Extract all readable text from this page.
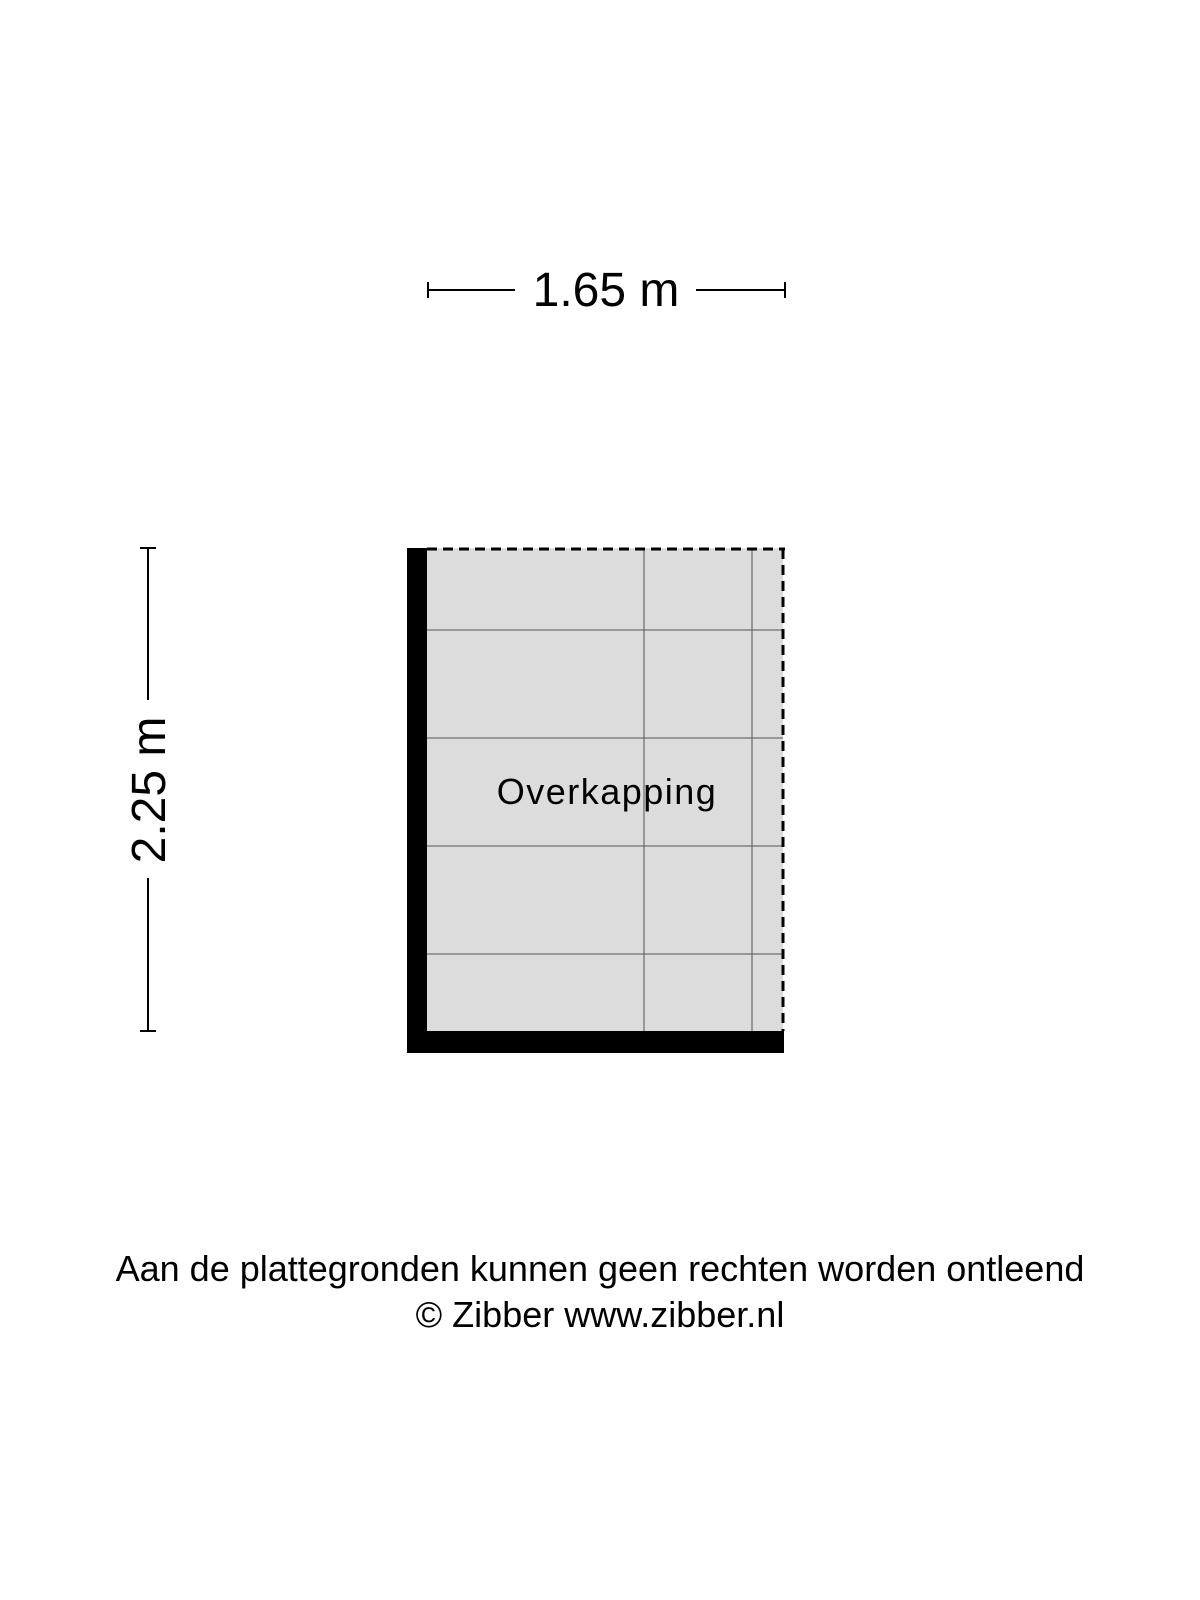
1.65 m
2.25 m	Overkapping
Aan de plattegronden kunnen geen rechten worden ontleend
© Zibber www.zibber.nl
